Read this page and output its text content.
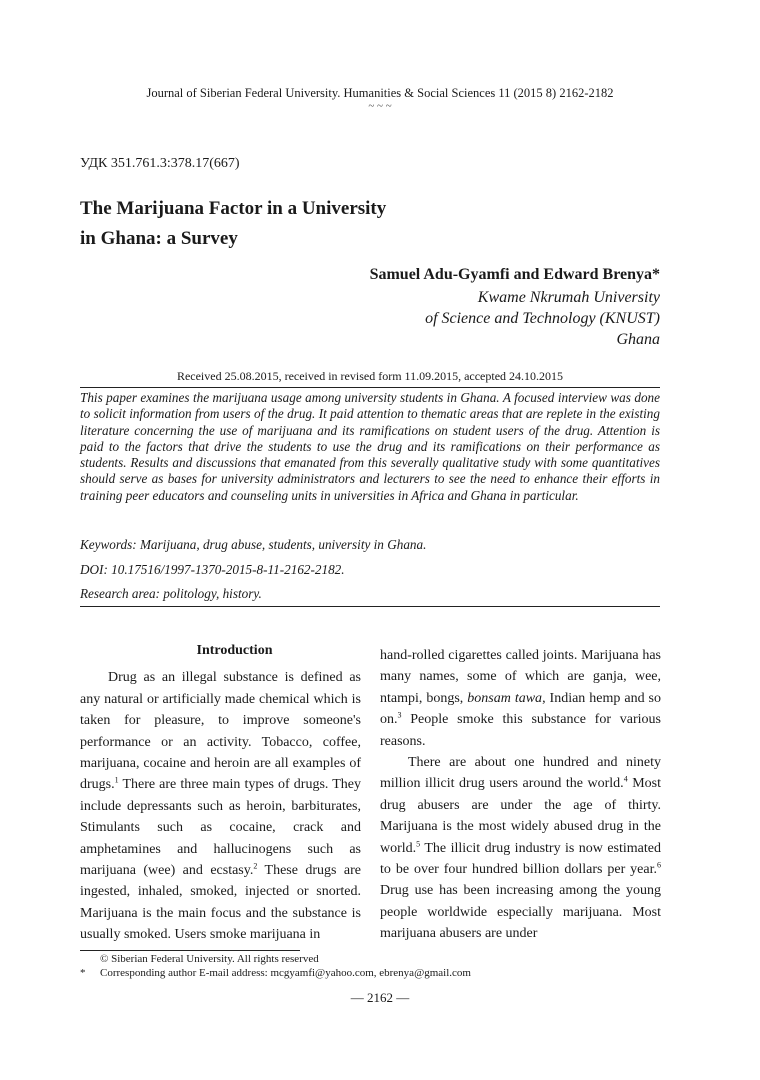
Journal of Siberian Federal University. Humanities & Social Sciences 11 (2015 8) 2162-2182
~ ~ ~
УДК 351.761.3:378.17(667)
The Marijuana Factor in a University
in Ghana: a Survey
Samuel Adu-Gyamfi and Edward Brenya*
Kwame Nkrumah University
of Science and Technology (KNUST)
Ghana
Received 25.08.2015, received in revised form 11.09.2015, accepted 24.10.2015
This paper examines the marijuana usage among university students in Ghana. A focused interview was done to solicit information from users of the drug. It paid attention to thematic areas that are replete in the existing literature concerning the use of marijuana and its ramifications on student users of the drug. Attention is paid to the factors that drive the students to use the drug and its ramifications on their performance as students. Results and discussions that emanated from this severally qualitative study with some quantitatives should serve as bases for university administrators and lecturers to see the need to enhance their efforts in training peer educators and counseling units in universities in Africa and Ghana in particular.
Keywords: Marijuana, drug abuse, students, university in Ghana.
DOI: 10.17516/1997-1370-2015-8-11-2162-2182.
Research area: politology, history.

Introduction

Drug as an illegal substance is defined as any natural or artificially made chemical which is taken for pleasure, to improve someone's performance or an activity. Tobacco, coffee, marijuana, cocaine and heroin are all examples of drugs.$^1$ There are three main types of drugs. They include depressants such as heroin, barbiturates, Stimulants such as cocaine, crack and amphetamines and hallucinogens such as marijuana (wee) and ecstasy.$^2$ These drugs are ingested, inhaled, smoked, injected or snorted. Marijuana is the main focus and the substance is usually smoked. Users smoke marijuana in

hand-rolled cigarettes called joints. Marijuana has many names, some of which are ganja, wee, ntampi, bongs, bonsam tawa, Indian hemp and so on.$^3$ People smoke this substance for various reasons.

There are about one hundred and ninety million illicit drug users around the world.$^4$ Most drug abusers are under the age of thirty. Marijuana is the most widely abused drug in the world.$^5$ The illicit drug industry is now estimated to be over four hundred billion dollars per year.$^6$ Drug use has been increasing among the young people worldwide especially marijuana. Most marijuana abusers are under

© Siberian Federal University. All rights reserved
* Corresponding author E-mail address: mcgyamfi@yahoo.com, ebrenya@gmail.com
— 2162 —
